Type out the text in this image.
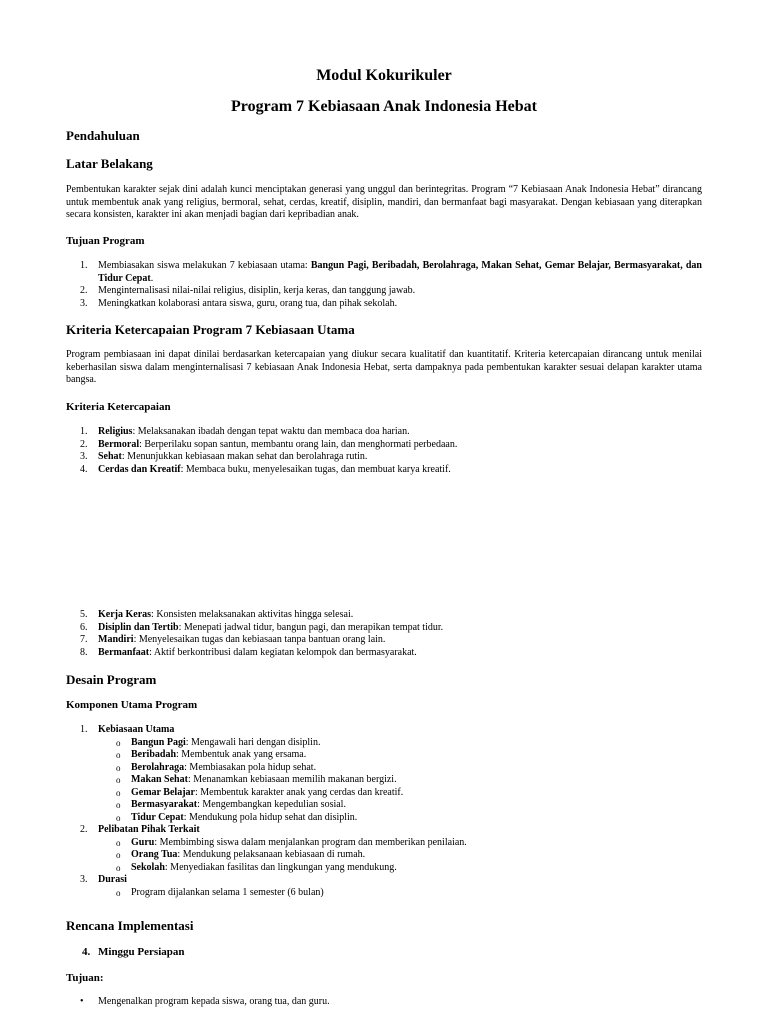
Modul Kokurikuler
Program 7 Kebiasaan Anak Indonesia Hebat
Pendahuluan
Latar Belakang
Pembentukan karakter sejak dini adalah kunci menciptakan generasi yang unggul dan berintegritas. Program “7 Kebiasaan Anak Indonesia Hebat” dirancang untuk membentuk anak yang religius, bermoral, sehat, cerdas, kreatif, disiplin, mandiri, dan bermanfaat bagi masyarakat. Dengan kebiasaan yang diterapkan secara konsisten, karakter ini akan menjadi bagian dari kepribadian anak.
Tujuan Program
1. Membiasakan siswa melakukan 7 kebiasaan utama: Bangun Pagi, Beribadah, Berolahraga, Makan Sehat, Gemar Belajar, Bermasyarakat, dan Tidur Cepat.
2. Menginternalisasi nilai-nilai religius, disiplin, kerja keras, dan tanggung jawab.
3. Meningkatkan kolaborasi antara siswa, guru, orang tua, dan pihak sekolah.
Kriteria Ketercapaian Program 7 Kebiasaan Utama
Program pembiasaan ini dapat dinilai berdasarkan ketercapaian yang diukur secara kualitatif dan kuantitatif. Kriteria ketercapaian dirancang untuk menilai keberhasilan siswa dalam menginternalisasi 7 kebiasaan Anak Indonesia Hebat, serta dampaknya pada pembentukan karakter sesuai delapan karakter utama bangsa.
Kriteria Ketercapaian
1. Religius: Melaksanakan ibadah dengan tepat waktu dan membaca doa harian.
2. Bermoral: Berperilaku sopan santun, membantu orang lain, dan menghormati perbedaan.
3. Sehat: Menunjukkan kebiasaan makan sehat dan berolahraga rutin.
4. Cerdas dan Kreatif: Membaca buku, menyelesaikan tugas, dan membuat karya kreatif.
5. Kerja Keras: Konsisten melaksanakan aktivitas hingga selesai.
6. Disiplin dan Tertib: Menepati jadwal tidur, bangun pagi, dan merapikan tempat tidur.
7. Mandiri: Menyelesaikan tugas dan kebiasaan tanpa bantuan orang lain.
8. Bermanfaat: Aktif berkontribusi dalam kegiatan kelompok dan bermasyarakat.
Desain Program
Komponen Utama Program
1. Kebiasaan Utama
o Bangun Pagi: Mengawali hari dengan disiplin.
o Beribadah: Membentuk anak yang ersama.
o Berolahraga: Membiasakan pola hidup sehat.
o Makan Sehat: Menanamkan kebiasaan memilih makanan bergizi.
o Gemar Belajar: Membentuk karakter anak yang cerdas dan kreatif.
o Bermasyarakat: Mengembangkan kepedulian sosial.
o Tidur Cepat: Mendukung pola hidup sehat dan disiplin.
2. Pelibatan Pihak Terkait
o Guru: Membimbing siswa dalam menjalankan program dan memberikan penilaian.
o Orang Tua: Mendukung pelaksanaan kebiasaan di rumah.
o Sekolah: Menyediakan fasilitas dan lingkungan yang mendukung.
3. Durasi
o Program dijalankan selama 1 semester (6 bulan)
Rencana Implementasi
4. Minggu Persiapan
Tujuan:
• Mengenalkan program kepada siswa, orang tua, dan guru.
